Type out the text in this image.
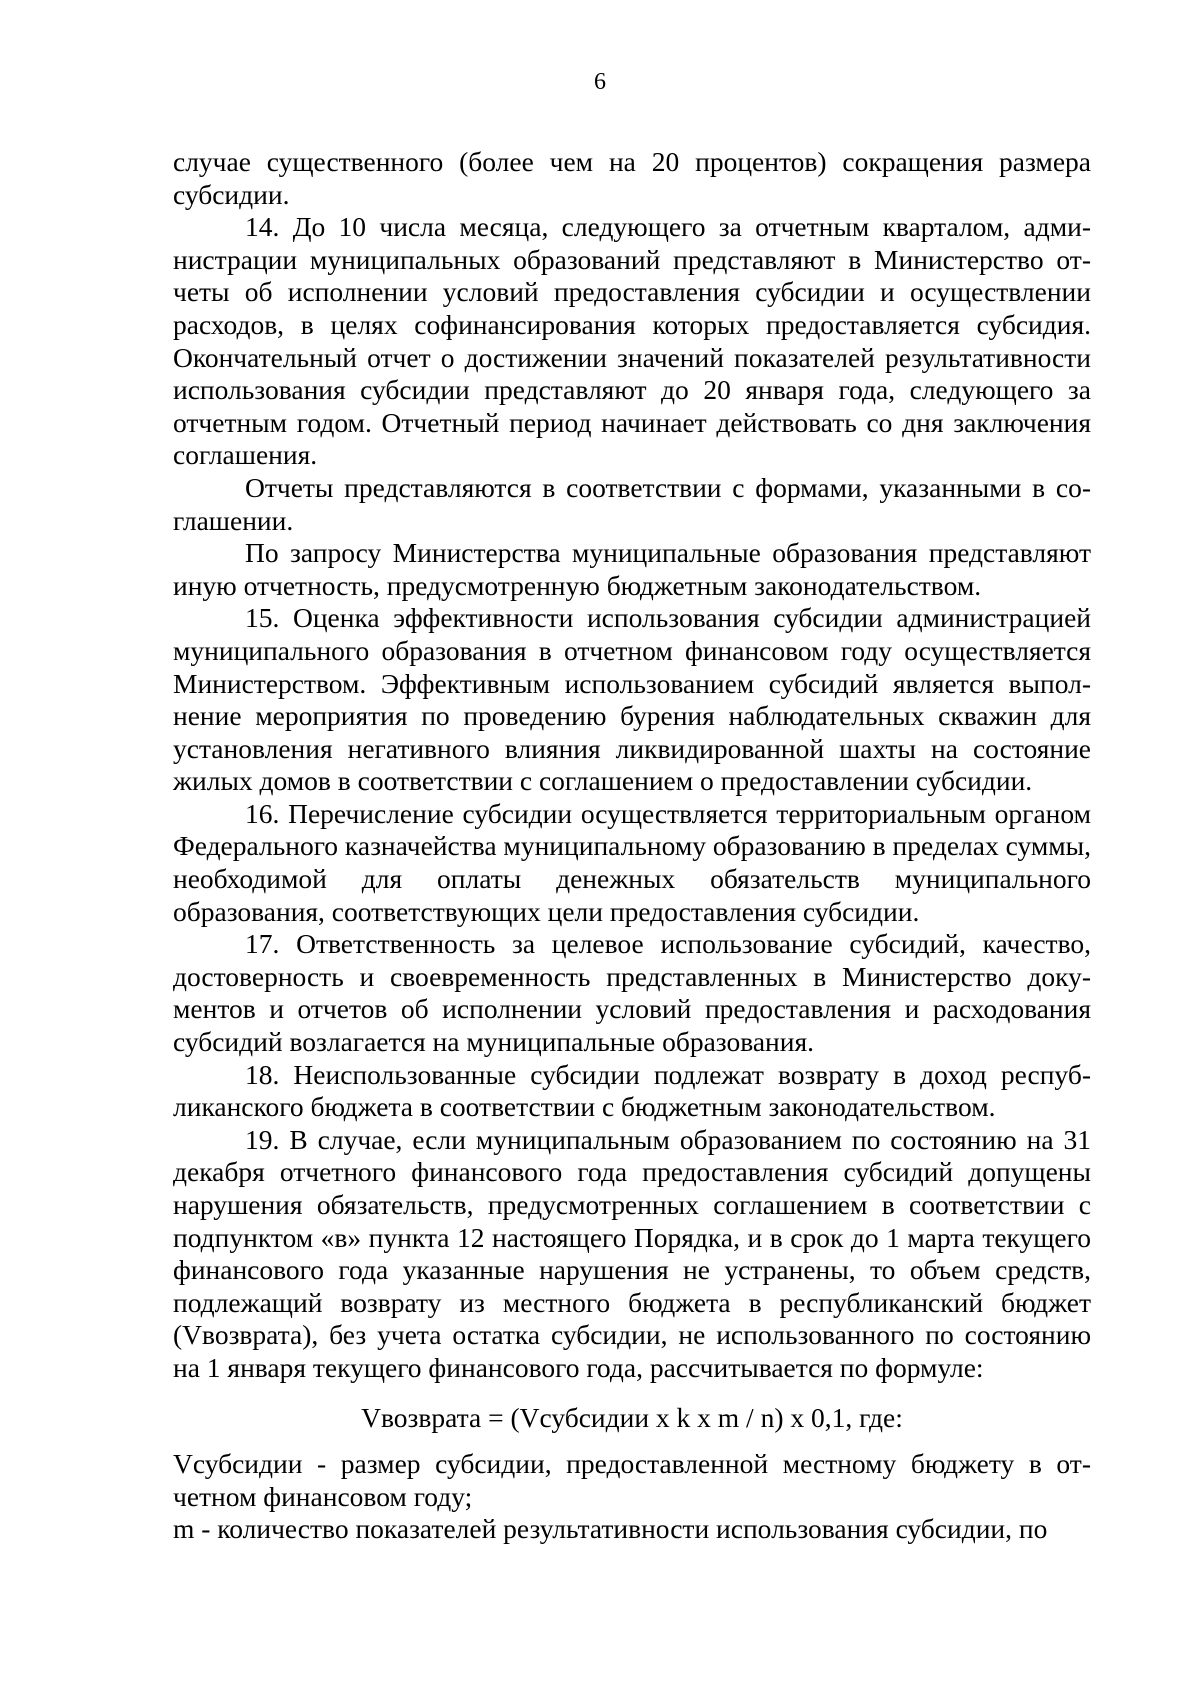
6

случае существенного (более чем на 20 процентов) сокращения размера субсидии.

14. До 10 числа месяца, следующего за отчетным кварталом, администрации муниципальных образований представляют в Министерство отчеты об исполнении условий предоставления субсидии и осуществлении расходов, в целях софинансирования которых предоставляется субсидия. Окончательный отчет о достижении значений показателей результативности использования субсидии представляют до 20 января года, следующего за отчетным годом. Отчетный период начинает действовать со дня заключения соглашения.

Отчеты представляются в соответствии с формами, указанными в соглашении.

По запросу Министерства муниципальные образования представляют иную отчетность, предусмотренную бюджетным законодательством.

15. Оценка эффективности использования субсидии администрацией муниципального образования в отчетном финансовом году осуществляется Министерством. Эффективным использованием субсидий является выполнение мероприятия по проведению бурения наблюдательных скважин для установления негативного влияния ликвидированной шахты на состояние жилых домов в соответствии с соглашением о предоставлении субсидии.

16. Перечисление субсидии осуществляется территориальным органом Федерального казначейства муниципальному образованию в пределах суммы, необходимой для оплаты денежных обязательств муниципального образования, соответствующих цели предоставления субсидии.

17. Ответственность за целевое использование субсидий, качество, достоверность и своевременность представленных в Министерство документов и отчетов об исполнении условий предоставления и расходования субсидий возлагается на муниципальные образования.

18. Неиспользованные субсидии подлежат возврату в доход республиканского бюджета в соответствии с бюджетным законодательством.

19. В случае, если муниципальным образованием по состоянию на 31 декабря отчетного финансового года предоставления субсидий допущены нарушения обязательств, предусмотренных соглашением в соответствии с подпунктом «в» пункта 12 настоящего Порядка, и в срок до 1 марта текущего финансового года указанные нарушения не устранены, то объем средств, подлежащий возврату из местного бюджета в республиканский бюджет (Vвозврата), без учета остатка субсидии, не использованного по состоянию на 1 января текущего финансового года, рассчитывается по формуле:

Vвозврата = (Vсубсидии x k x m / n) x 0,1, где:

Vсубсидии - размер субсидии, предоставленной местному бюджету в отчетном финансовом году;

m - количество показателей результативности использования субсидии, по
